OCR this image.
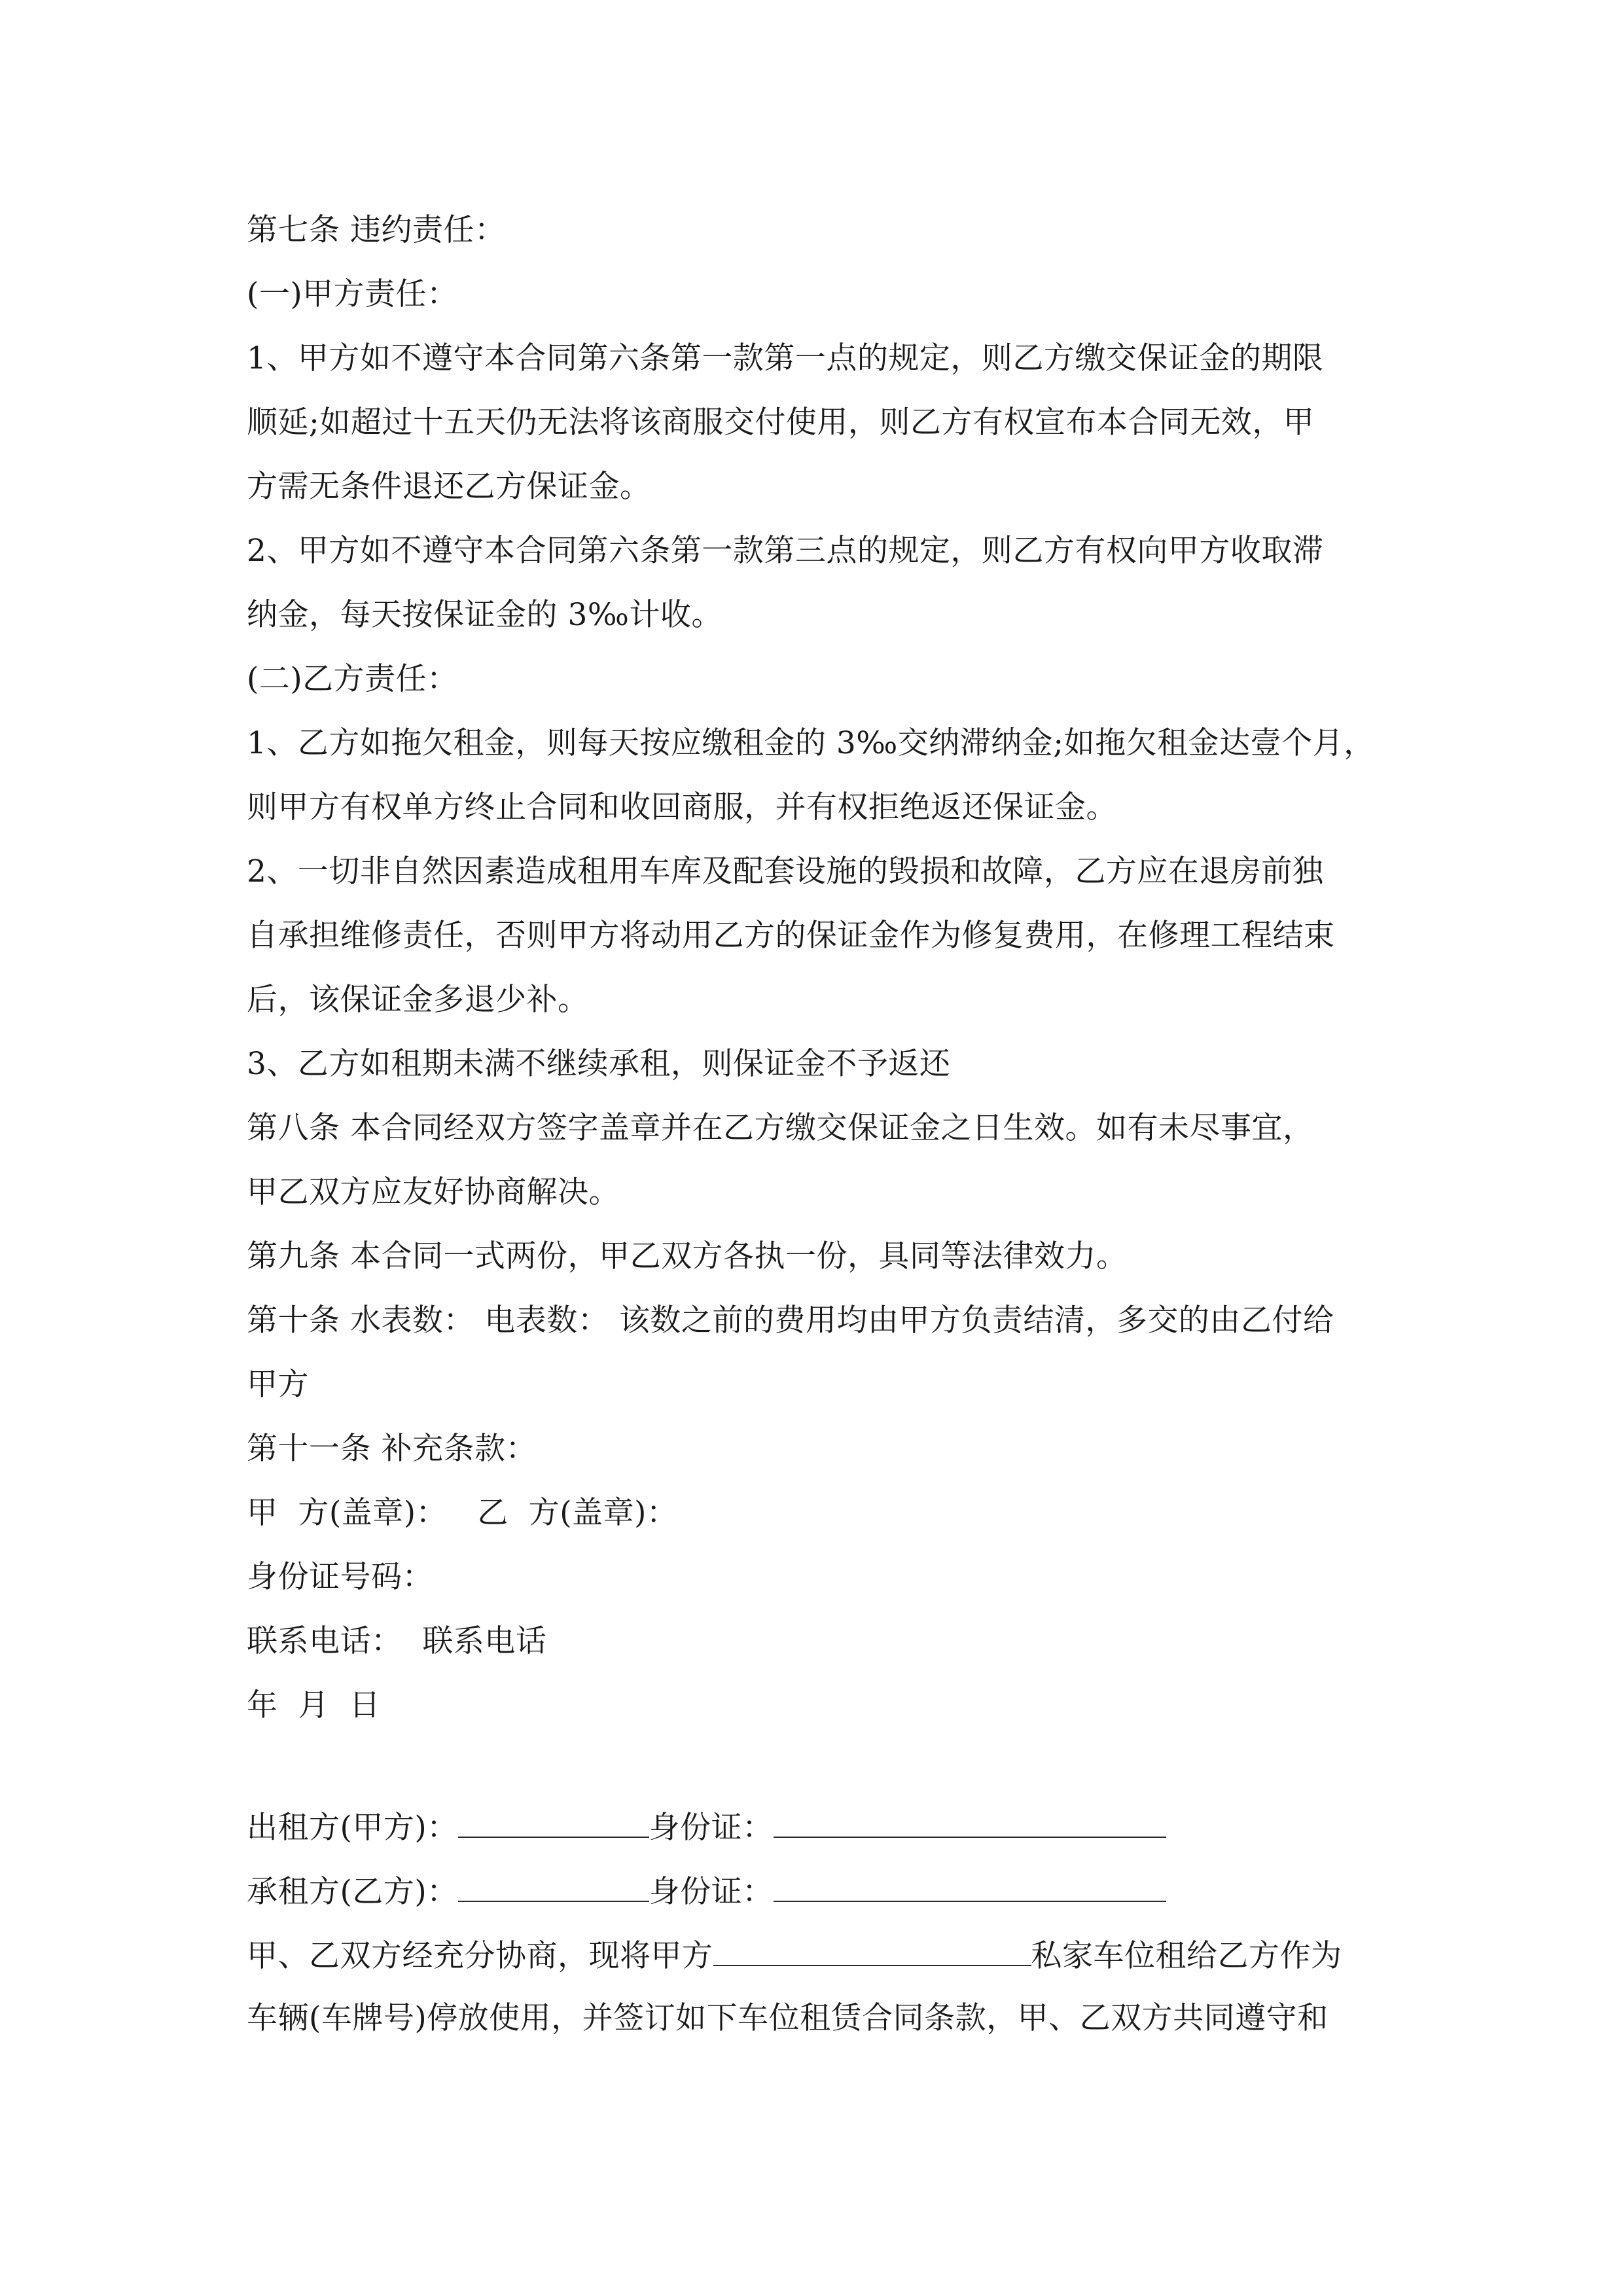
第七条 违约责任：
(一)甲方责任：
1、甲方如不遵守本合同第六条第一款第一点的规定，则乙方缴交保证金的期限
顺延;如超过十五天仍无法将该商服交付使用，则乙方有权宣布本合同无效，甲
方需无条件退还乙方保证金。
2、甲方如不遵守本合同第六条第一款第三点的规定，则乙方有权向甲方收取滞
纳金，每天按保证金的 3‰计收。
(二)乙方责任：
1、乙方如拖欠租金，则每天按应缴租金的 3‰交纳滞纳金;如拖欠租金达壹个月，
则甲方有权单方终止合同和收回商服，并有权拒绝返还保证金。
2、一切非自然因素造成租用车库及配套设施的毁损和故障，乙方应在退房前独
自承担维修责任，否则甲方将动用乙方的保证金作为修复费用，在修理工程结束
后，该保证金多退少补。
3、乙方如租期未满不继续承租，则保证金不予返还
第八条 本合同经双方签字盖章并在乙方缴交保证金之日生效。如有未尽事宜，
甲乙双方应友好协商解决。
第九条 本合同一式两份，甲乙双方各执一份，具同等法律效力。
第十条 水表数： 电表数： 该数之前的费用均由甲方负责结清，多交的由乙付给
甲方
第十一条 补充条款：
甲  方(盖章)：   乙  方(盖章)：
身份证号码：
联系电话：  联系电话
年  月  日
出租方(甲方)：	身份证：
承租方(乙方)：	身份证：
甲、乙双方经充分协商，现将甲方	私家车位租给乙方作为
车辆(车牌号)停放使用，并签订如下车位租赁合同条款，甲、乙双方共同遵守和
